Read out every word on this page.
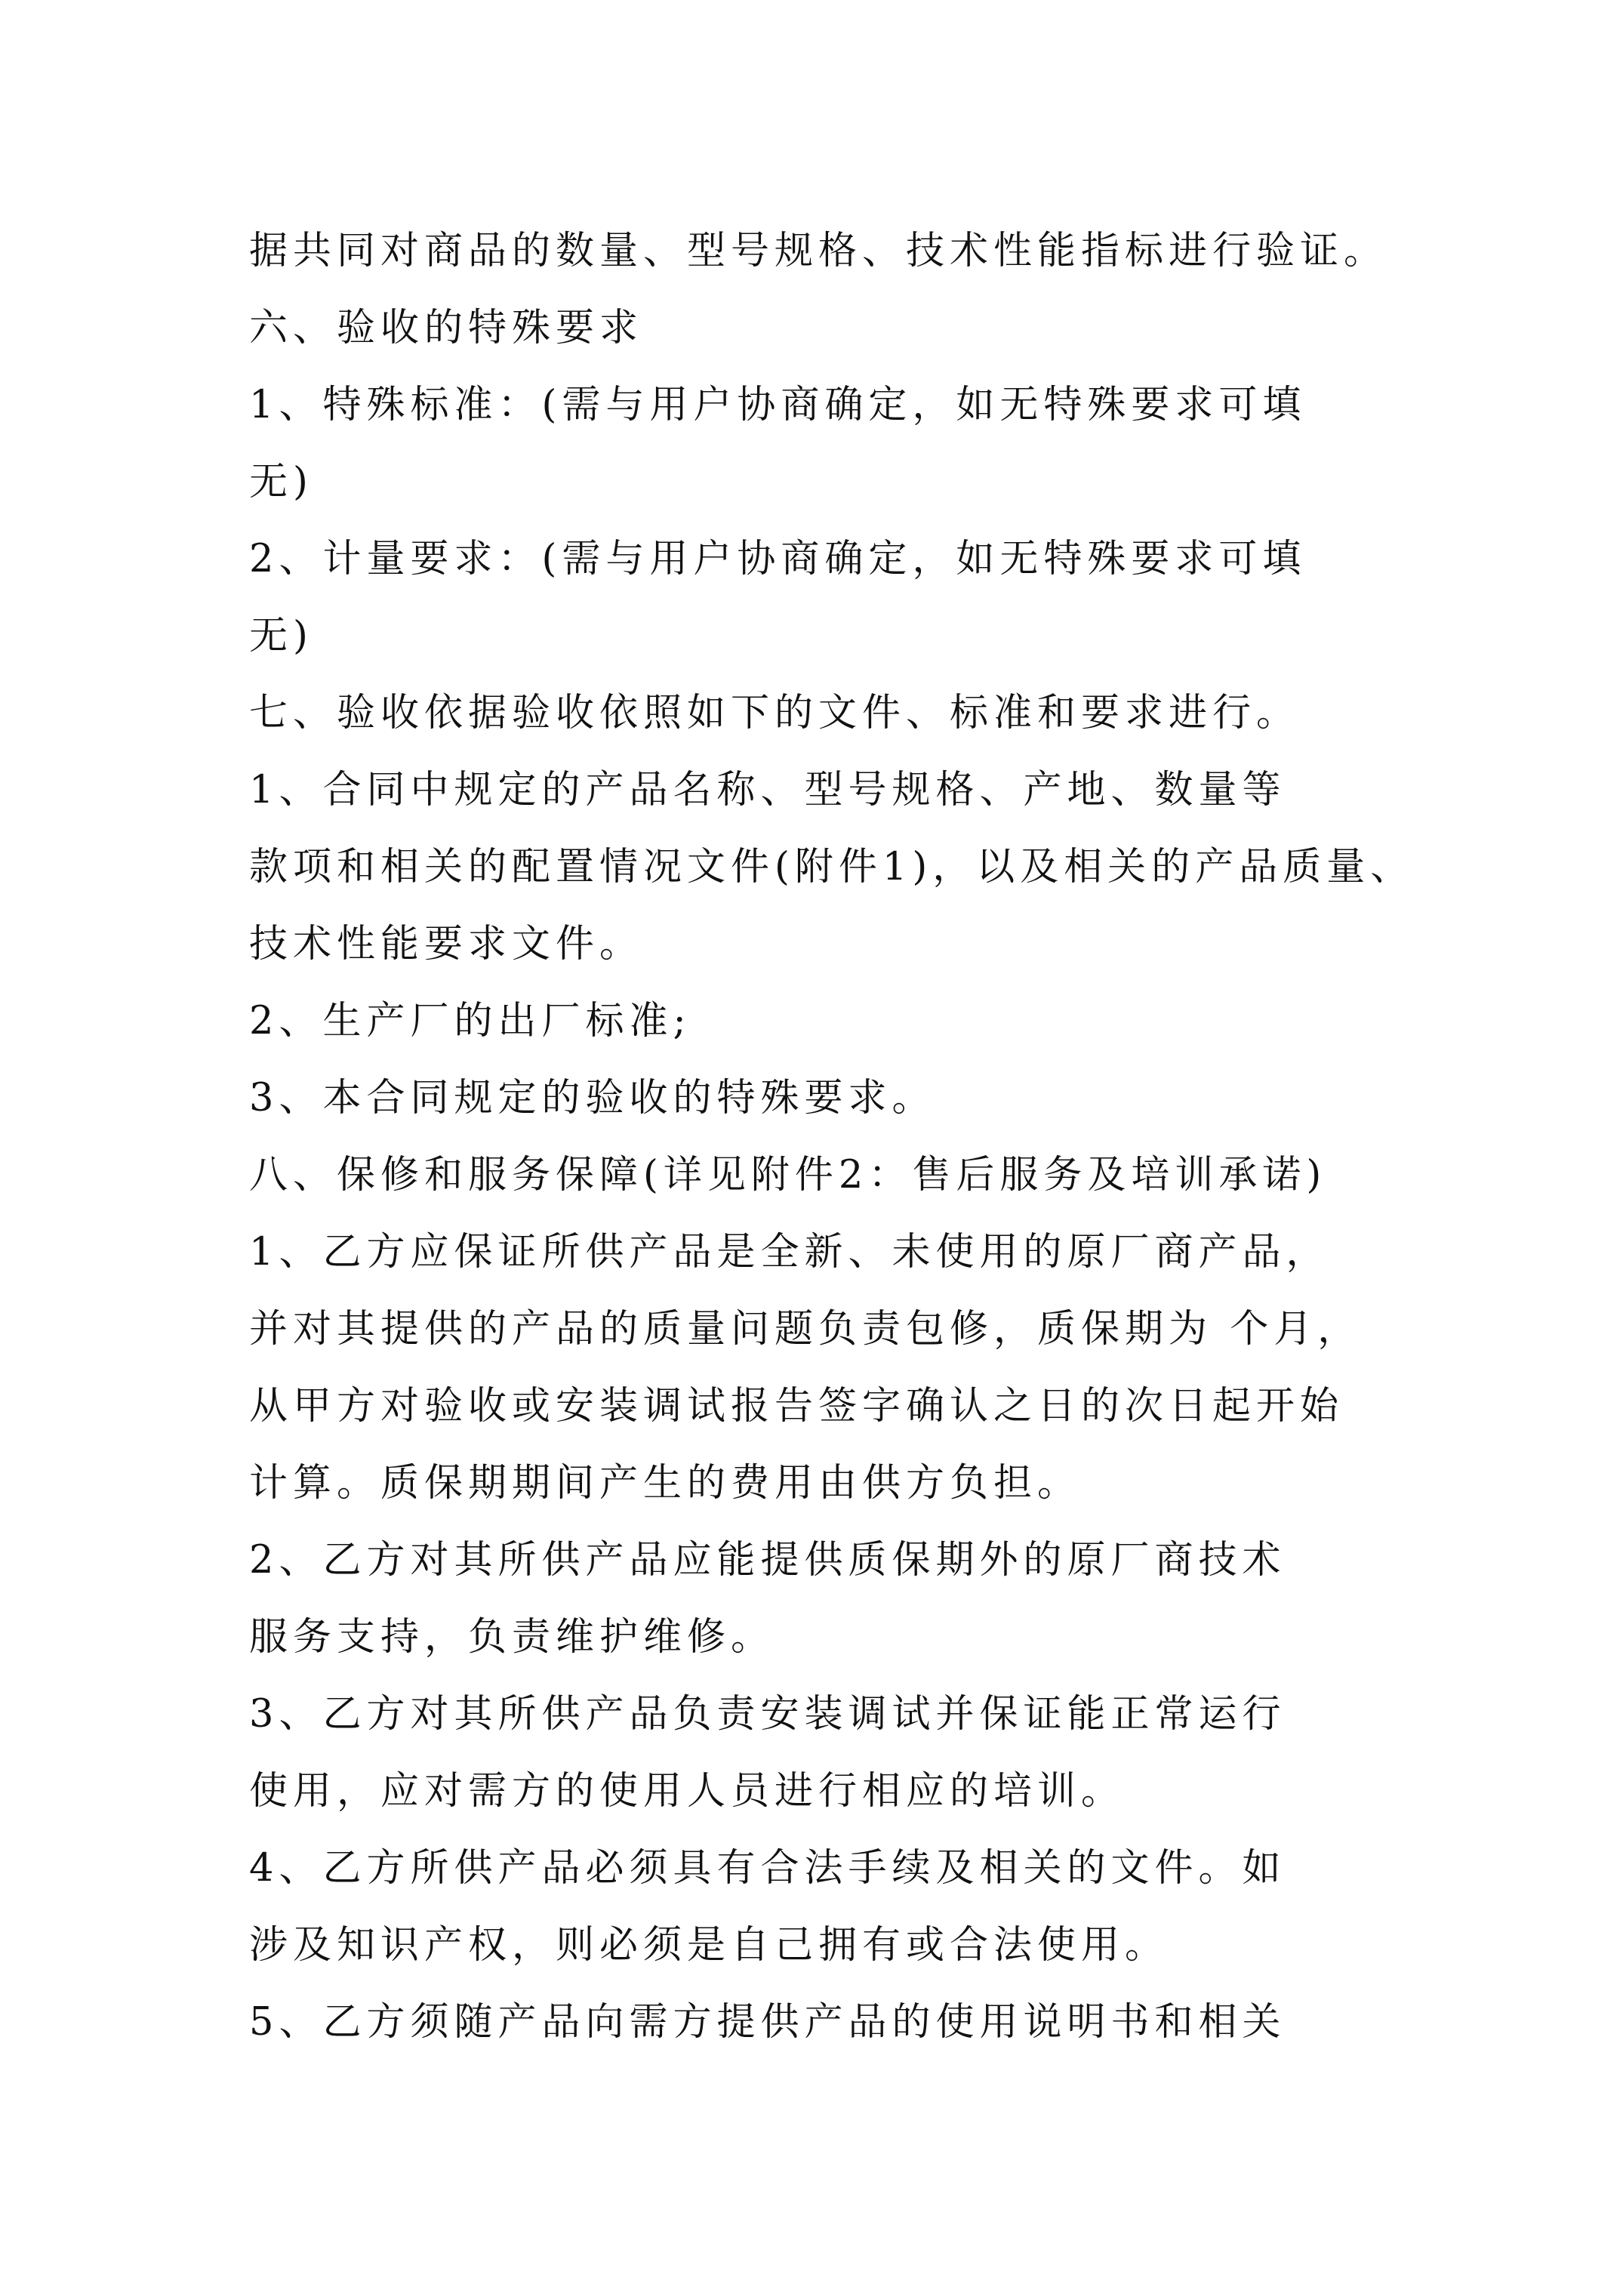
据共同对商品的数量、型号规格、技术性能指标进行验证。

六、验收的特殊要求

1、特殊标准：(需与用户协商确定，如无特殊要求可填

无)

2、计量要求：(需与用户协商确定，如无特殊要求可填

无)

七、验收依据验收依照如下的文件、标准和要求进行。

1、合同中规定的产品名称、型号规格、产地、数量等

款项和相关的配置情况文件(附件1)，以及相关的产品质量、

技术性能要求文件。

2、生产厂的出厂标准;

3、本合同规定的验收的特殊要求。

八、保修和服务保障(详见附件2：售后服务及培训承诺)

1、乙方应保证所供产品是全新、未使用的原厂商产品，

并对其提供的产品的质量问题负责包修，质保期为 个月，

从甲方对验收或安装调试报告签字确认之日的次日起开始

计算。质保期期间产生的费用由供方负担。

2、乙方对其所供产品应能提供质保期外的原厂商技术

服务支持，负责维护维修。

3、乙方对其所供产品负责安装调试并保证能正常运行

使用，应对需方的使用人员进行相应的培训。

4、乙方所供产品必须具有合法手续及相关的文件。如

涉及知识产权，则必须是自己拥有或合法使用。

5、乙方须随产品向需方提供产品的使用说明书和相关
